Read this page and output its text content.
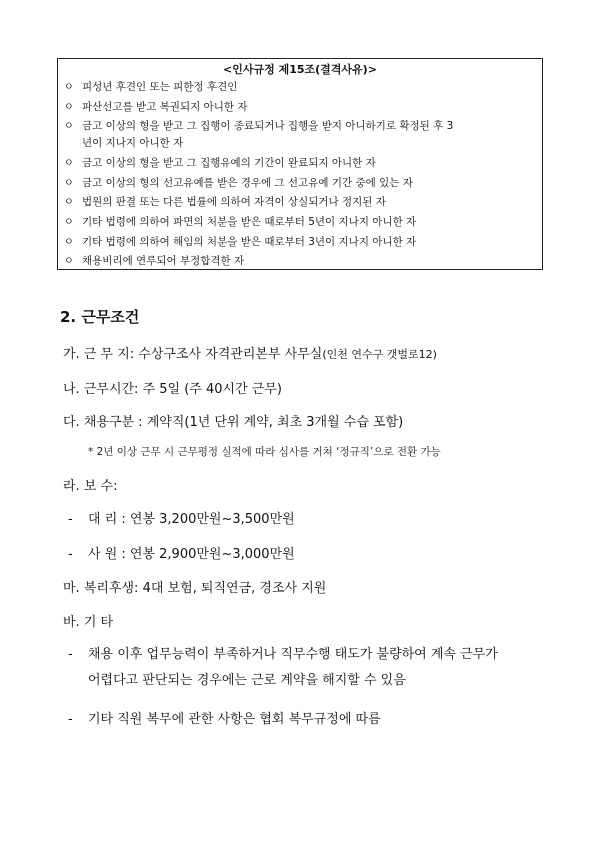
<인사규정 제15조(결격사유)>
ㅇ 피성년 후견인 또는 피한정 후견인
ㅇ 파산선고를 받고 복권되지 아니한 자
ㅇ 금고 이상의 형을 받고 그 집행이 종료되거나 집행을 받지 아니하기로 확정된 후 3
년이 지나지 아니한 자
ㅇ 금고 이상의 형을 받고 그 집행유예의 기간이 완료되지 아니한 자
ㅇ 금고 이상의 형의 선고유예를 받은 경우에 그 선고유예 기간 중에 있는 자
ㅇ 법원의 판결 또는 다른 법률에 의하여 자격이 상실되거나 정지된 자
ㅇ 기타 법령에 의하여 파면의 처분을 받은 때로부터 5년이 지나지 아니한 자
ㅇ 기타 법령에 의하여 해임의 처분을 받은 때로부터 3년이 지나지 아니한 자
ㅇ 채용비리에 연루되어 부정합격한 자
2. 근무조건
가. 근 무 지: 수상구조사 자격관리본부 사무실(인천 연수구 갯벌로12)
나. 근무시간: 주 5일 (주 40시간 근무)
다. 채용구분 : 계약직(1년 단위 계약, 최초 3개월 수습 포함)
* 2년 이상 근무 시 근무평정 실적에 따라 심사를 거쳐 ‘정규직’으로 전환 가능
라. 보 수:
- 대 리 : 연봉 3,200만원~3,500만원
- 사 원 : 연봉 2,900만원~3,000만원
마. 복리후생: 4대 보험, 퇴직연금, 경조사 지원
바. 기 타
- 채용 이후 업무능력이 부족하거나 직무수행 태도가 불량하여 계속 근무가
어렵다고 판단되는 경우에는 근로 계약을 해지할 수 있음
- 기타 직원 복무에 관한 사항은 협회 복무규정에 따름
